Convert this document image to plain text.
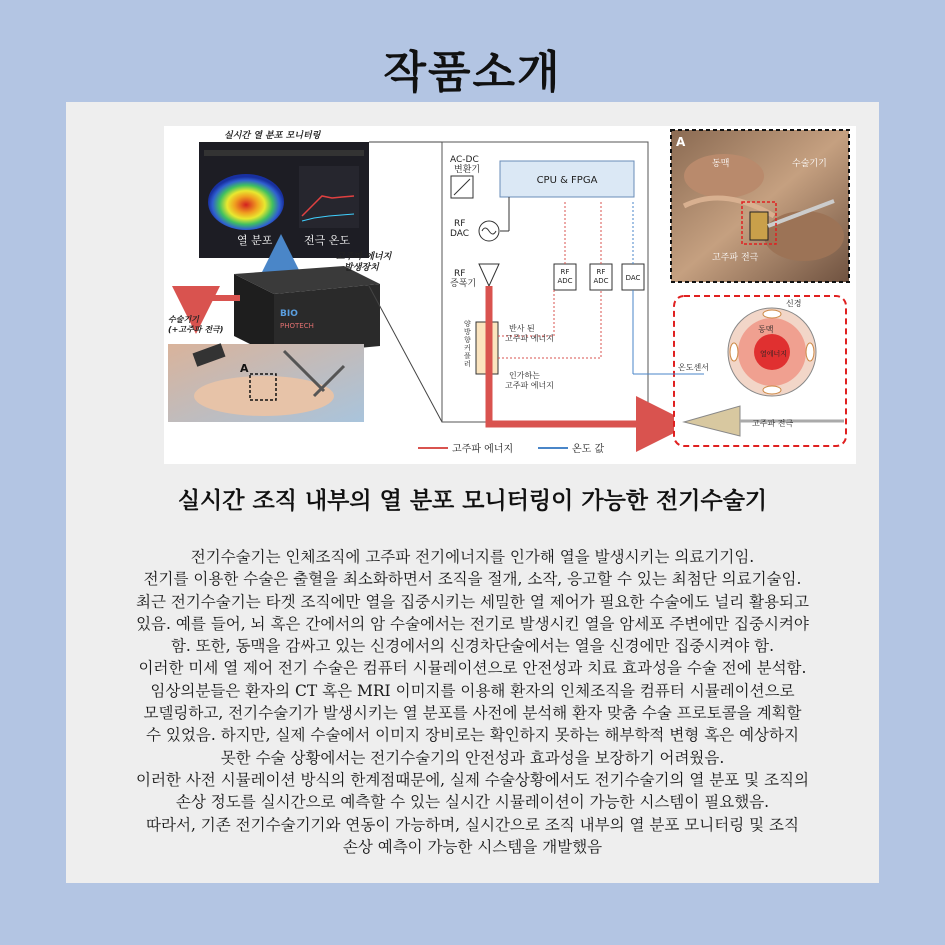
작품소개
실시간 열 분포 모니터링
열 분포	전극 온도
BIO
PHOTECH
고주파 에너지 발생장치
수술기기 (+고주파 전극)
A
AC-DC 변환기
CPU & FPGA
RF DAC
RF 증폭기
RF ADC
RF ADC DAC
양 방 향 커 플 러
반사 된 고주파 에너지
인가하는 고주파 에너지
고주파 에너지	온도 값
A
동맥	수술기기
고주파 전극
신경
동맥
열에너지
온도센서
고주파 전극
실시간 조직 내부의 열 분포 모니터링이 가능한 전기수술기
전기수술기는 인체조직에 고주파 전기에너지를 인가해 열을 발생시키는 의료기기임.
전기를 이용한 수술은 출혈을 최소화하면서 조직을 절개, 소작, 응고할 수 있는 최첨단 의료기술임.
최근 전기수술기는 타겟 조직에만 열을 집중시키는 세밀한 열 제어가 필요한 수술에도 널리 활용되고
있음. 예를 들어, 뇌 혹은 간에서의 암 수술에서는 전기로 발생시킨 열을 암세포 주변에만 집중시켜야
함. 또한, 동맥을 감싸고 있는 신경에서의 신경차단술에서는 열을 신경에만 집중시켜야 함.
이러한 미세 열 제어 전기 수술은 컴퓨터 시뮬레이션으로 안전성과 치료 효과성을 수술 전에 분석함.
임상의분들은 환자의 CT 혹은 MRI 이미지를 이용해 환자의 인체조직을 컴퓨터 시뮬레이션으로
모델링하고, 전기수술기가 발생시키는 열 분포를 사전에 분석해 환자 맞춤 수술 프로토콜을 계획할
수 있었음. 하지만, 실제 수술에서 이미지 장비로는 확인하지 못하는 해부학적 변형 혹은 예상하지
못한 수술 상황에서는 전기수술기의 안전성과 효과성을 보장하기 어려웠음.
이러한 사전 시뮬레이션 방식의 한계점때문에, 실제 수술상황에서도 전기수술기의 열 분포 및 조직의
손상 정도를 실시간으로 예측할 수 있는 실시간 시뮬레이션이 가능한 시스템이 필요했음.
따라서, 기존 전기수술기기와 연동이 가능하며, 실시간으로 조직 내부의 열 분포 모니터링 및 조직
손상 예측이 가능한 시스템을 개발했음
